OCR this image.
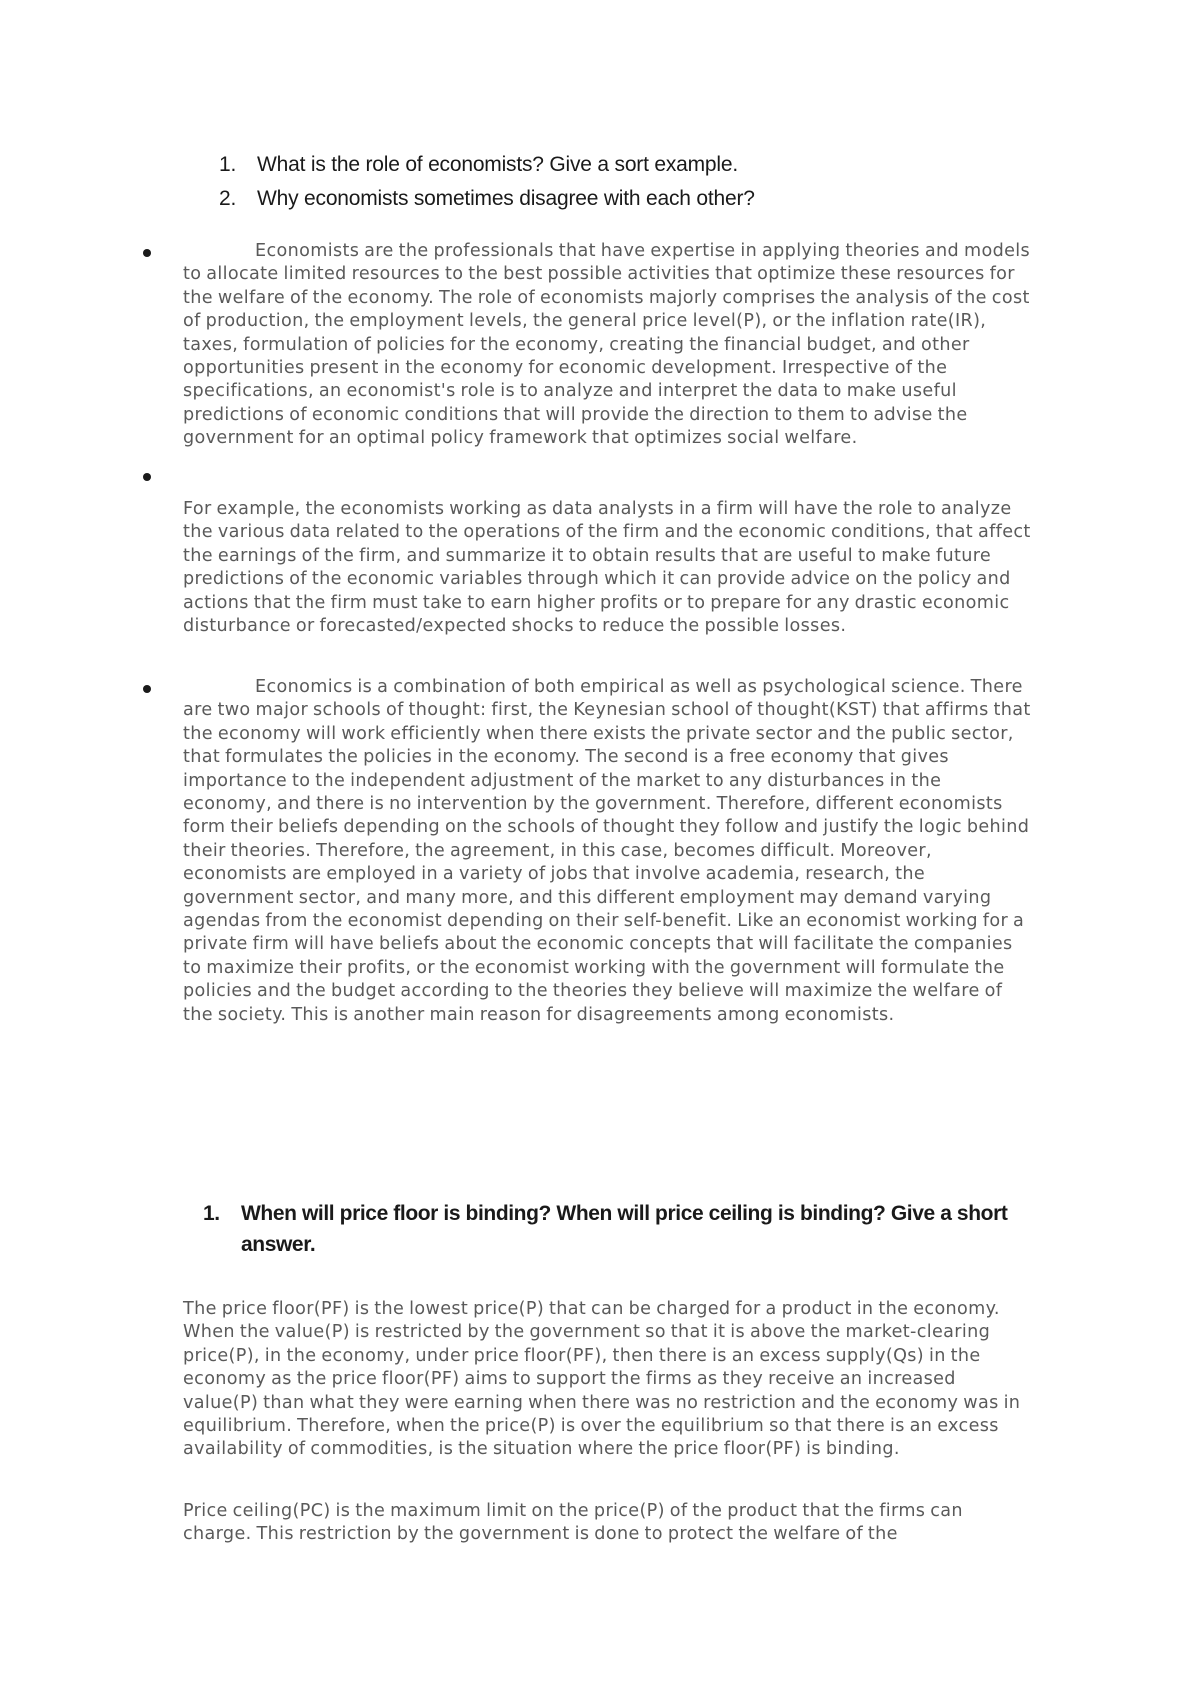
1. What is the role of economists? Give a sort example.
2. Why economists sometimes disagree with each other?

Economists are the professionals that have expertise in applying theories and models to allocate limited resources to the best possible activities that optimize these resources for the welfare of the economy. The role of economists majorly comprises the analysis of the cost of production, the employment levels, the general price level(P), or the inflation rate(IR), taxes, formulation of policies for the economy, creating the financial budget, and other opportunities present in the economy for economic development. Irrespective of the specifications, an economist's role is to analyze and interpret the data to make useful predictions of economic conditions that will provide the direction to them to advise the government for an optimal policy framework that optimizes social welfare.

For example, the economists working as data analysts in a firm will have the role to analyze the various data related to the operations of the firm and the economic conditions, that affect the earnings of the firm, and summarize it to obtain results that are useful to make future predictions of the economic variables through which it can provide advice on the policy and actions that the firm must take to earn higher profits or to prepare for any drastic economic disturbance or forecasted/expected shocks to reduce the possible losses.

Economics is a combination of both empirical as well as psychological science. There are two major schools of thought: first, the Keynesian school of thought(KST) that affirms that the economy will work efficiently when there exists the private sector and the public sector, that formulates the policies in the economy. The second is a free economy that gives importance to the independent adjustment of the market to any disturbances in the economy, and there is no intervention by the government. Therefore, different economists form their beliefs depending on the schools of thought they follow and justify the logic behind their theories. Therefore, the agreement, in this case, becomes difficult. Moreover, economists are employed in a variety of jobs that involve academia, research, the government sector, and many more, and this different employment may demand varying agendas from the economist depending on their self-benefit. Like an economist working for a private firm will have beliefs about the economic concepts that will facilitate the companies to maximize their profits, or the economist working with the government will formulate the policies and the budget according to the theories they believe will maximize the welfare of the society. This is another main reason for disagreements among economists.

1. When will price floor is binding? When will price ceiling is binding? Give a short answer.

The price floor(PF) is the lowest price(P) that can be charged for a product in the economy. When the value(P) is restricted by the government so that it is above the market-clearing price(P), in the economy, under price floor(PF), then there is an excess supply(Qs) in the economy as the price floor(PF) aims to support the firms as they receive an increased value(P) than what they were earning when there was no restriction and the economy was in equilibrium. Therefore, when the price(P) is over the equilibrium so that there is an excess availability of commodities, is the situation where the price floor(PF) is binding.

Price ceiling(PC) is the maximum limit on the price(P) of the product that the firms can charge. This restriction by the government is done to protect the welfare of the
